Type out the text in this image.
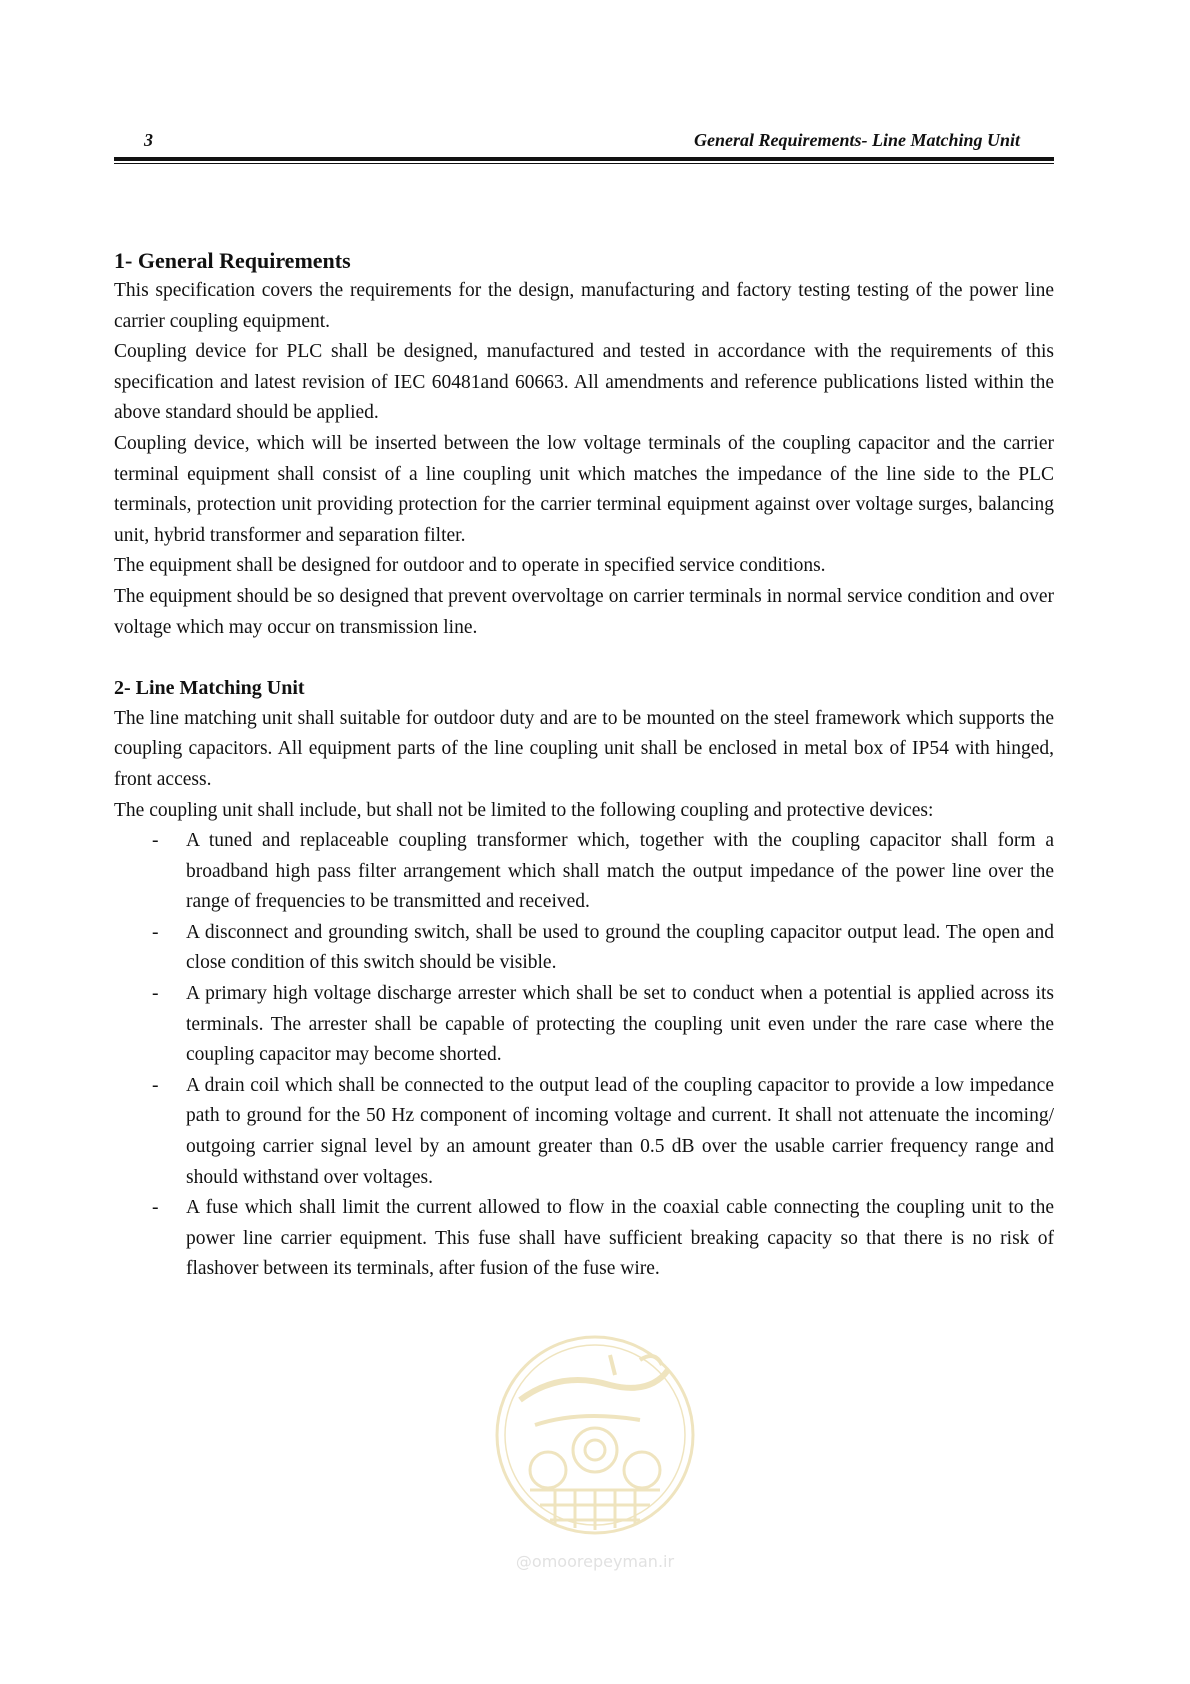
3	General Requirements- Line Matching Unit
1- General Requirements

This specification covers the requirements for the design, manufacturing and factory testing testing of the power line carrier coupling equipment.

Coupling device for PLC shall be designed, manufactured and tested in accordance with the requirements of this specification and latest revision of IEC 60481and 60663. All amendments and reference publications listed within the above standard should be applied.

Coupling device, which will be inserted between the low voltage terminals of the coupling capacitor and the carrier terminal equipment shall consist of a line coupling unit which matches the impedance of the line side to the PLC terminals, protection unit providing protection for the carrier terminal equipment against over voltage surges, balancing unit, hybrid transformer and separation filter.

The equipment shall be designed for outdoor and to operate in specified service conditions.

The equipment should be so designed that prevent overvoltage on carrier terminals in normal service condition and over voltage which may occur on transmission line.

2- Line Matching Unit

The line matching unit shall suitable for outdoor duty and are to be mounted on the steel framework which supports the coupling capacitors. All equipment parts of the line coupling unit shall be enclosed in metal box of IP54 with hinged, front access.

The coupling unit shall include, but shall not be limited to the following coupling and protective devices:

- A tuned and replaceable coupling transformer which, together with the coupling capacitor shall form a broadband high pass filter arrangement which shall match the output impedance of the power line over the range of frequencies to be transmitted and received.
- A disconnect and grounding switch, shall be used to ground the coupling capacitor output lead. The open and close condition of this switch should be visible.
- A primary high voltage discharge arrester which shall be set to conduct when a potential is applied across its terminals. The arrester shall be capable of protecting the coupling unit even under the rare case where the coupling capacitor may become shorted.
- A drain coil which shall be connected to the output lead of the coupling capacitor to provide a low impedance path to ground for the 50 Hz component of incoming voltage and current. It shall not attenuate the incoming/ outgoing carrier signal level by an amount greater than 0.5 dB over the usable carrier frequency range and should withstand over voltages.
- A fuse which shall limit the current allowed to flow in the coaxial cable connecting the coupling unit to the power line carrier equipment. This fuse shall have sufficient breaking capacity so that there is no risk of flashover between its terminals, after fusion of the fuse wire.
@omoorepeyman.ir
